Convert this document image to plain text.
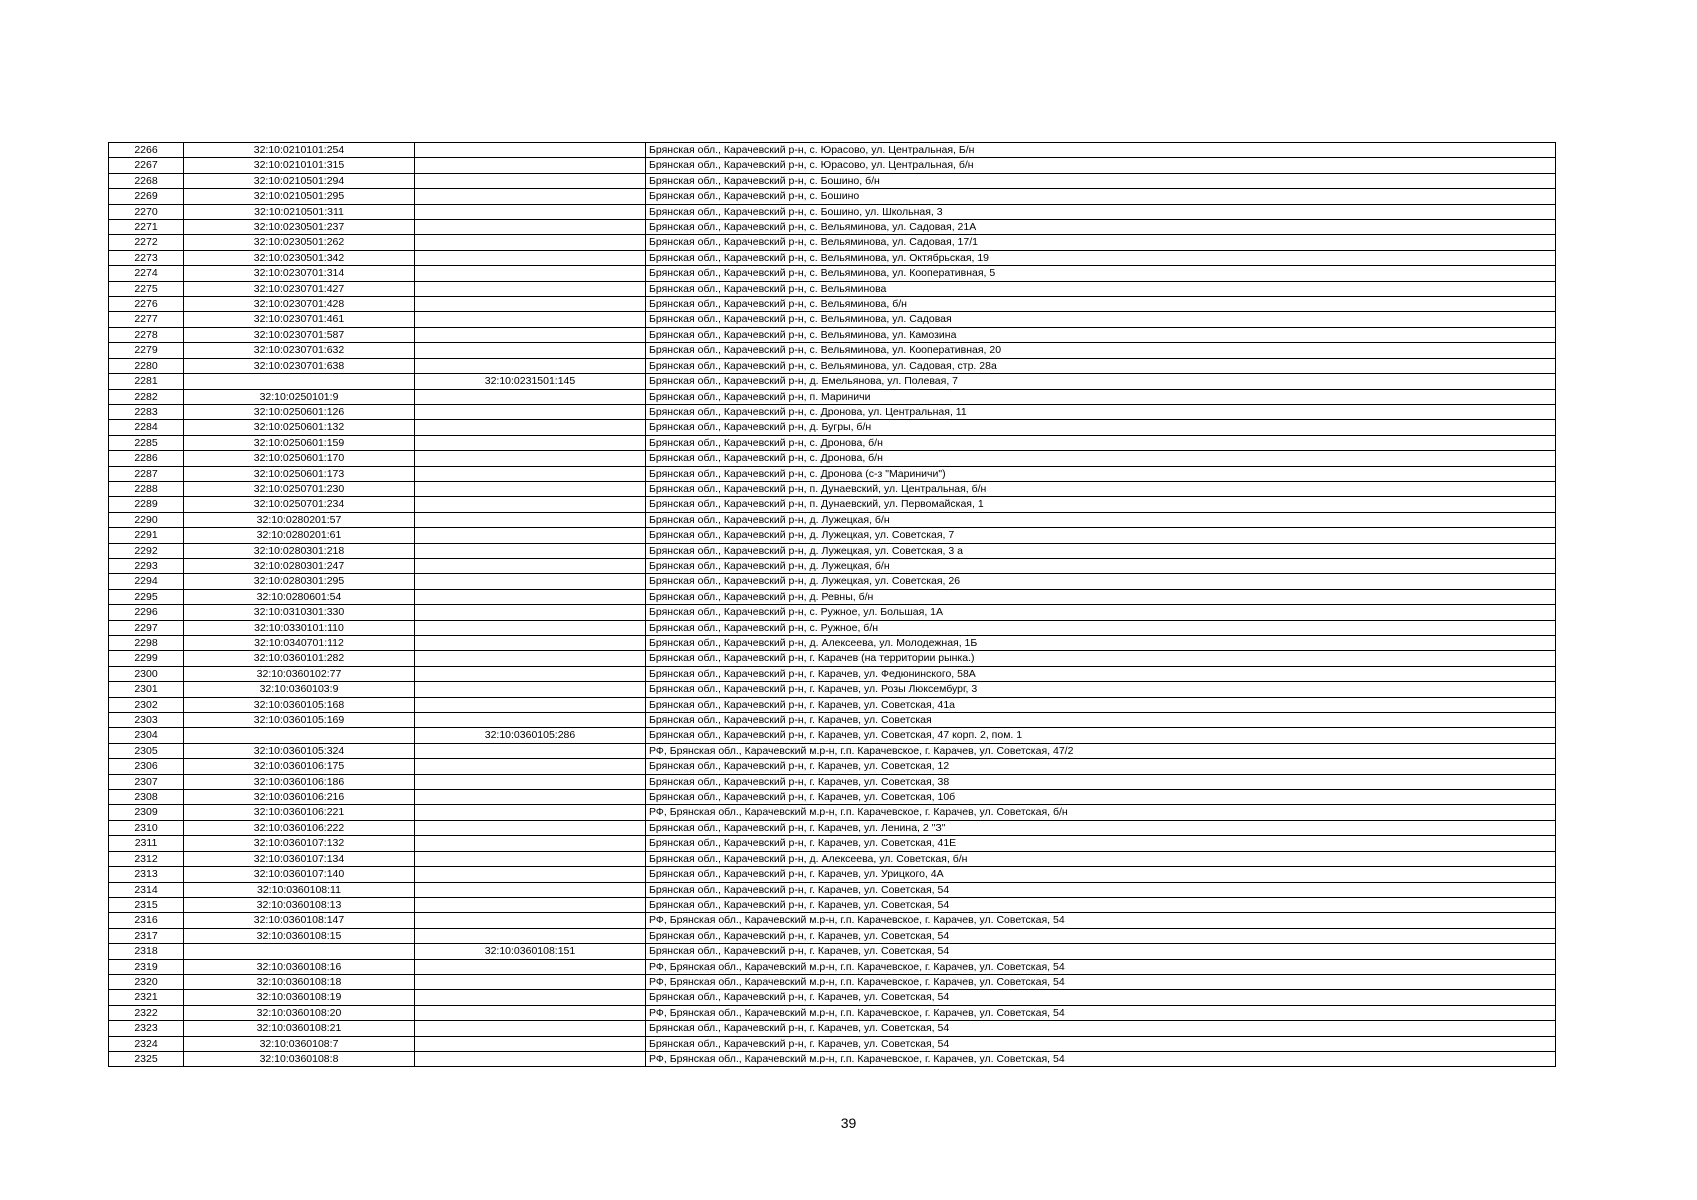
2266	32:10:0210101:254		Брянская обл., Карачевский р-н, с. Юрасово, ул. Центральная, Б/н
2267	32:10:0210101:315		Брянская обл., Карачевский р-н, с. Юрасово, ул. Центральная, б/н
2268	32:10:0210501:294		Брянская обл., Карачевский р-н, с. Бошино, б/н
2269	32:10:0210501:295		Брянская обл., Карачевский р-н, с. Бошино
2270	32:10:0210501:311		Брянская обл., Карачевский р-н, с. Бошино, ул. Школьная, 3
2271	32:10:0230501:237		Брянская обл., Карачевский р-н, с. Вельяминова, ул. Садовая, 21А
2272	32:10:0230501:262		Брянская обл., Карачевский р-н, с. Вельяминова, ул. Садовая, 17/1
2273	32:10:0230501:342		Брянская обл., Карачевский р-н, с. Вельяминова, ул. Октябрьская, 19
2274	32:10:0230701:314		Брянская обл., Карачевский р-н, с. Вельяминова, ул. Кооперативная, 5
2275	32:10:0230701:427		Брянская обл., Карачевский р-н, с. Вельяминова
2276	32:10:0230701:428		Брянская обл., Карачевский р-н, с. Вельяминова, б/н
2277	32:10:0230701:461		Брянская обл., Карачевский р-н, с. Вельяминова, ул. Садовая
2278	32:10:0230701:587		Брянская обл., Карачевский р-н, с. Вельяминова, ул. Камозина
2279	32:10:0230701:632		Брянская обл., Карачевский р-н, с. Вельяминова, ул. Кооперативная, 20
2280	32:10:0230701:638		Брянская обл., Карачевский р-н, с. Вельяминова, ул. Садовая, стр. 28а
2281		32:10:0231501:145	Брянская обл., Карачевский р-н, д. Емельянова, ул. Полевая, 7
2282	32:10:0250101:9		Брянская обл., Карачевский р-н, п. Мариничи
2283	32:10:0250601:126		Брянская обл., Карачевский р-н, с. Дронова, ул. Центральная, 11
2284	32:10:0250601:132		Брянская обл., Карачевский р-н, д. Бугры, б/н
2285	32:10:0250601:159		Брянская обл., Карачевский р-н, с. Дронова, б/н
2286	32:10:0250601:170		Брянская обл., Карачевский р-н, с. Дронова, б/н
2287	32:10:0250601:173		Брянская обл., Карачевский р-н, с. Дронова (с-з "Мариничи")
2288	32:10:0250701:230		Брянская обл., Карачевский р-н, п. Дунаевский, ул. Центральная, б/н
2289	32:10:0250701:234		Брянская обл., Карачевский р-н, п. Дунаевский, ул. Первомайская, 1
2290	32:10:0280201:57		Брянская обл., Карачевский р-н, д. Лужецкая, б/н
2291	32:10:0280201:61		Брянская обл., Карачевский р-н, д. Лужецкая, ул. Советская, 7
2292	32:10:0280301:218		Брянская обл., Карачевский р-н, д. Лужецкая, ул. Советская, 3 а
2293	32:10:0280301:247		Брянская обл., Карачевский р-н, д. Лужецкая, б/н
2294	32:10:0280301:295		Брянская обл., Карачевский р-н, д. Лужецкая, ул. Советская, 26
2295	32:10:0280601:54		Брянская обл., Карачевский р-н, д. Ревны, б/н
2296	32:10:0310301:330		Брянская обл., Карачевский р-н, с. Ружное, ул. Большая, 1А
2297	32:10:0330101:110		Брянская обл., Карачевский р-н, с. Ружное, б/н
2298	32:10:0340701:112		Брянская обл., Карачевский р-н, д. Алексеева, ул. Молодежная, 1Б
2299	32:10:0360101:282		Брянская обл., Карачевский р-н, г. Карачев (на территории рынка.)
2300	32:10:0360102:77		Брянская обл., Карачевский р-н, г. Карачев, ул. Федюнинского, 58А
2301	32:10:0360103:9		Брянская обл., Карачевский р-н, г. Карачев, ул. Розы Люксембург, 3
2302	32:10:0360105:168		Брянская обл., Карачевский р-н, г. Карачев, ул. Советская, 41а
2303	32:10:0360105:169		Брянская обл., Карачевский р-н, г. Карачев, ул. Советская
2304		32:10:0360105:286	Брянская обл., Карачевский р-н, г. Карачев, ул. Советская, 47 корп. 2, пом. 1
2305	32:10:0360105:324		РФ, Брянская обл., Карачевский м.р-н, г.п. Карачевское, г. Карачев, ул. Советская, 47/2
2306	32:10:0360106:175		Брянская обл., Карачевский р-н, г. Карачев, ул. Советская, 12
2307	32:10:0360106:186		Брянская обл., Карачевский р-н, г. Карачев, ул. Советская, 38
2308	32:10:0360106:216		Брянская обл., Карачевский р-н, г. Карачев, ул. Советская, 10б
2309	32:10:0360106:221		РФ, Брянская обл., Карачевский м.р-н, г.п. Карачевское, г. Карачев, ул. Советская, б/н
2310	32:10:0360106:222		Брянская обл., Карачевский р-н, г. Карачев, ул. Ленина, 2 "З"
2311	32:10:0360107:132		Брянская обл., Карачевский р-н, г. Карачев, ул. Советская, 41Е
2312	32:10:0360107:134		Брянская обл., Карачевский р-н, д. Алексеева, ул. Советская, б/н
2313	32:10:0360107:140		Брянская обл., Карачевский р-н, г. Карачев, ул. Урицкого, 4А
2314	32:10:0360108:11		Брянская обл., Карачевский р-н, г. Карачев, ул. Советская, 54
2315	32:10:0360108:13		Брянская обл., Карачевский р-н, г. Карачев, ул. Советская, 54
2316	32:10:0360108:147		РФ, Брянская обл., Карачевский м.р-н, г.п. Карачевское, г. Карачев, ул. Советская, 54
2317	32:10:0360108:15		Брянская обл., Карачевский р-н, г. Карачев, ул. Советская, 54
2318		32:10:0360108:151	Брянская обл., Карачевский р-н, г. Карачев, ул. Советская, 54
2319	32:10:0360108:16		РФ, Брянская обл., Карачевский м.р-н, г.п. Карачевское, г. Карачев, ул. Советская, 54
2320	32:10:0360108:18		РФ, Брянская обл., Карачевский м.р-н, г.п. Карачевское, г. Карачев, ул. Советская, 54
2321	32:10:0360108:19		Брянская обл., Карачевский р-н, г. Карачев, ул. Советская, 54
2322	32:10:0360108:20		РФ, Брянская обл., Карачевский м.р-н, г.п. Карачевское, г. Карачев, ул. Советская, 54
2323	32:10:0360108:21		Брянская обл., Карачевский р-н, г. Карачев, ул. Советская, 54
2324	32:10:0360108:7		Брянская обл., Карачевский р-н, г. Карачев, ул. Советская, 54
2325	32:10:0360108:8		РФ, Брянская обл., Карачевский м.р-н, г.п. Карачевское, г. Карачев, ул. Советская, 54
39
